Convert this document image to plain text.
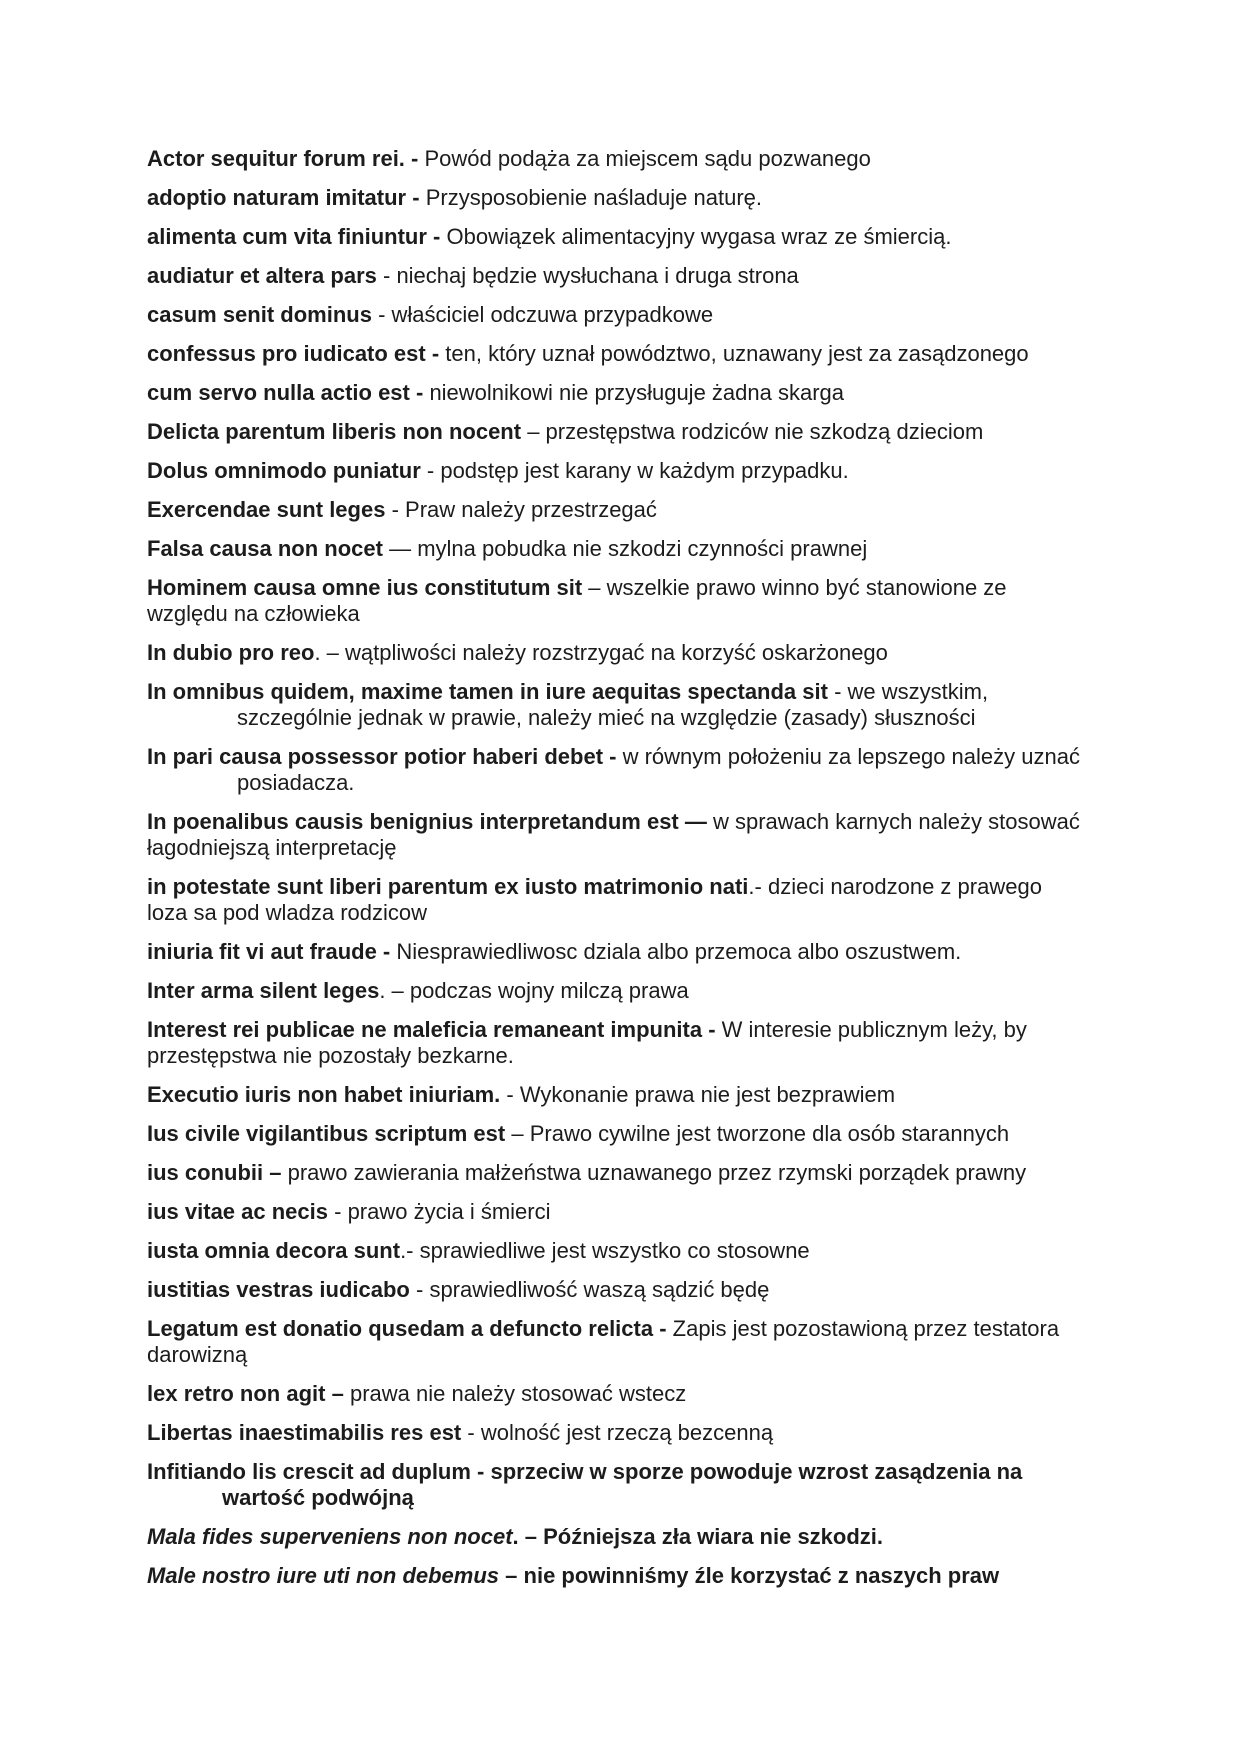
Actor sequitur forum rei. - Powód podąża za miejscem sądu pozwanego

adoptio naturam imitatur - Przysposobienie naśladuje naturę.

alimenta cum vita finiuntur - Obowiązek alimentacyjny wygasa wraz ze śmiercią.

audiatur et altera pars - niechaj będzie wysłuchana i druga strona

casum senit dominus - właściciel odczuwa przypadkowe

confessus pro iudicato est - ten, który uznał powództwo, uznawany jest za zasądzonego

cum servo nulla actio est - niewolnikowi nie przysługuje żadna skarga

Delicta parentum liberis non nocent – przestępstwa rodziców nie szkodzą dzieciom

Dolus omnimodo puniatur - podstęp jest karany w każdym przypadku.

Exercendae sunt leges - Praw należy przestrzegać

Falsa causa non nocet — mylna pobudka nie szkodzi czynności prawnej

Hominem causa omne ius constitutum sit – wszelkie prawo winno być stanowione ze względu na człowieka

In dubio pro reo. – wątpliwości należy rozstrzygać na korzyść oskarżonego

In omnibus quidem, maxime tamen in iure aequitas spectanda sit - we wszystkim, szczególnie jednak w prawie, należy mieć na względzie (zasady) słuszności

In pari causa possessor potior haberi debet - w równym położeniu za lepszego należy uznać posiadacza.

In poenalibus causis benignius interpretandum est — w sprawach karnych należy stosować łagodniejszą interpretację

in potestate sunt liberi parentum ex iusto matrimonio nati.- dzieci narodzone z prawego loza sa pod wladza rodzicow

iniuria fit vi aut fraude - Niesprawiedliwosc dziala albo przemoca albo oszustwem.

Inter arma silent leges. – podczas wojny milczą prawa

Interest rei publicae ne maleficia remaneant impunita - W interesie publicznym leży, by przestępstwa nie pozostały bezkarne.

Executio iuris non habet iniuriam. - Wykonanie prawa nie jest bezprawiem

Ius civile vigilantibus scriptum est – Prawo cywilne jest tworzone dla osób starannych

ius conubii – prawo zawierania małżeństwa uznawanego przez rzymski porządek prawny

ius vitae ac necis - prawo życia i śmierci

iusta omnia decora sunt.- sprawiedliwe jest wszystko co stosowne

iustitias vestras iudicabo - sprawiedliwość waszą sądzić będę

Legatum est donatio qusedam a defuncto relicta - Zapis jest pozostawioną przez testatora darowizną

lex retro non agit – prawa nie należy stosować wstecz

Libertas inaestimabilis res est - wolność jest rzeczą bezcenną

Infitiando lis crescit ad duplum - sprzeciw w sporze powoduje wzrost zasądzenia na wartość podwójną

Mala fides superveniens non nocet. – Późniejsza zła wiara nie szkodzi.

Male nostro iure uti non debemus – nie powinniśmy źle korzystać z naszych praw
